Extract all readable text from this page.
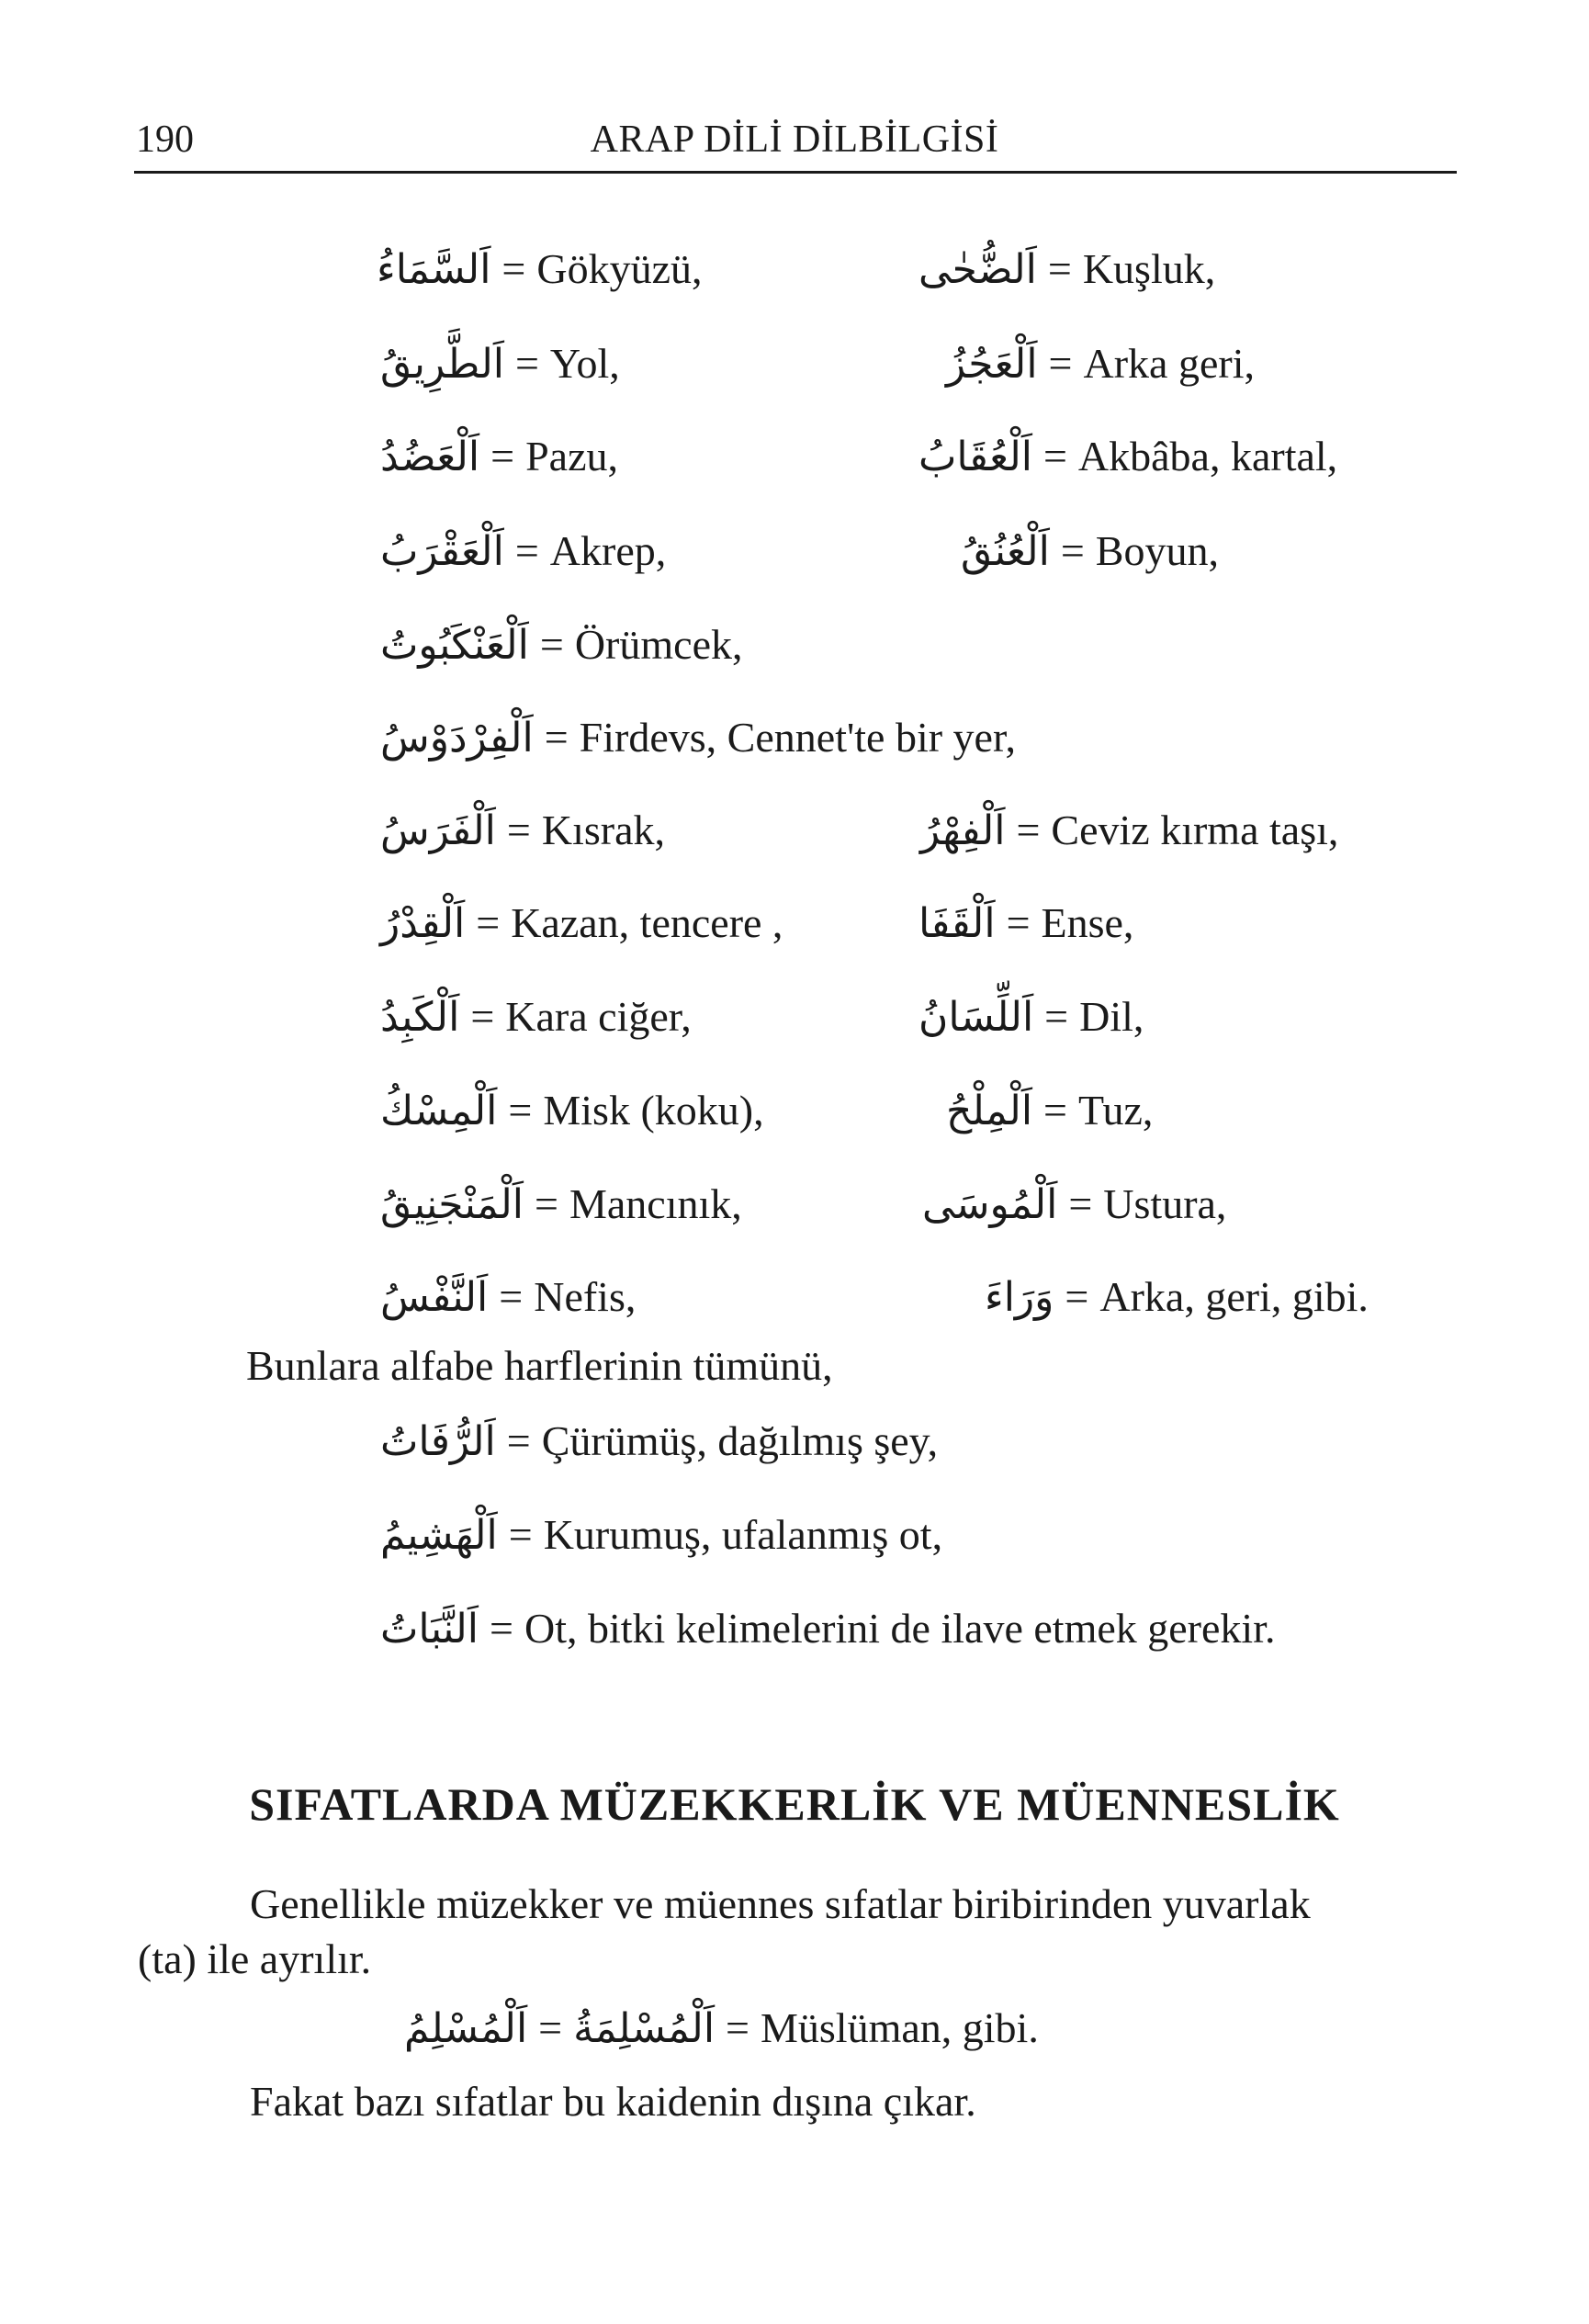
190	ARAP DİLİ DİLBİLGİSİ
اَلسَّمَاءُ = Gökyüzü,	اَلضُّحٰى = Kuşluk,
اَلطَّرِيقُ = Yol,	اَلْعَجُزُ = Arka geri,
اَلْعَضُدُ = Pazu,	اَلْعُقَابُ = Akbâba, kartal,
اَلْعَقْرَبُ = Akrep,	اَلْعُنُقُ = Boyun,
اَلْعَنْكَبُوتُ = Örümcek,
اَلْفِرْدَوْسُ = Firdevs, Cennet'te bir yer,
اَلْفَرَسُ = Kısrak,	اَلْفِهْرُ = Ceviz kırma taşı,
اَلْقِدْرُ = Kazan, tencere ,	اَلْقَفَا = Ense,
اَلْكَبِدُ = Kara ciğer,	اَللِّسَانُ = Dil,
اَلْمِسْكُ = Misk (koku),	اَلْمِلْحُ = Tuz,
اَلْمَنْجَنِيقُ = Mancınık,	اَلْمُوسَى = Ustura,
اَلنَّفْسُ = Nefis,	وَرَاءَ = Arka, geri, gibi.
Bunlara alfabe harflerinin tümünü,
اَلرُّفَاتُ = Çürümüş, dağılmış şey,
اَلْهَشِيمُ = Kurumuş, ufalanmış ot,
اَلنَّبَاتُ = Ot, bitki kelimelerini de ilave etmek gerekir.
SIFATLARDA MÜZEKKERLİK VE MÜENNESLİK
Genellikle müzekker ve müennes sıfatlar biribirinden yuvarlak
(ta) ile ayrılır.
اَلْمُسْلِمُ = اَلْمُسْلِمَةُ = Müslüman, gibi.
Fakat bazı sıfatlar bu kaidenin dışına çıkar.
